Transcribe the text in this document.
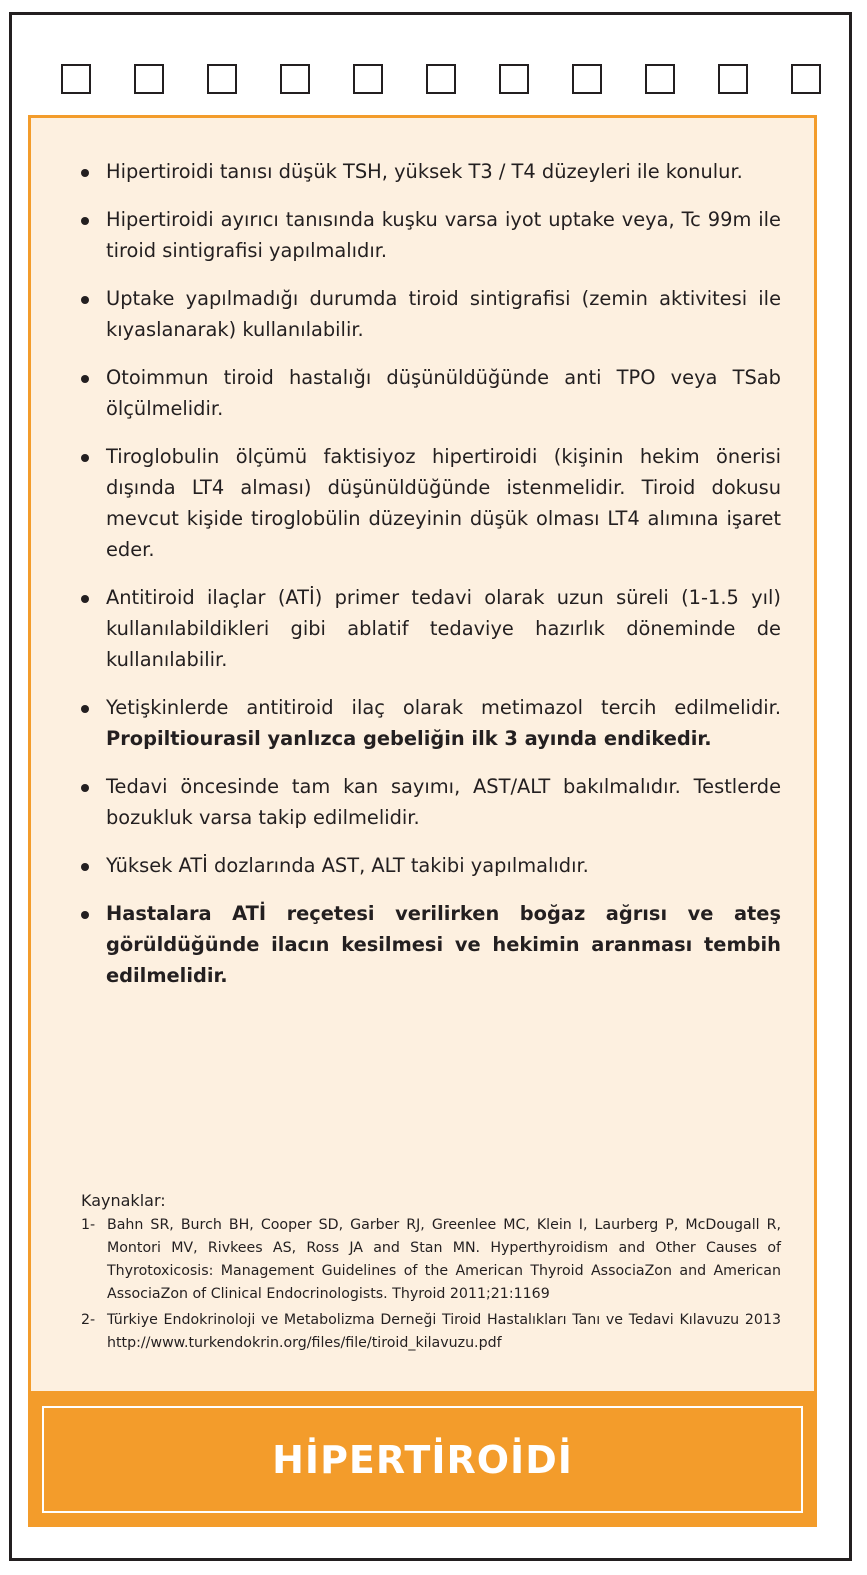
Hipertiroidi tanısı düşük TSH, yüksek T3 / T4 düzeyleri ile konulur.
Hipertiroidi ayırıcı tanısında kuşku varsa iyot uptake veya, Tc 99m ile tiroid sintigrafisi yapılmalıdır.
Uptake yapılmadığı durumda tiroid sintigrafisi (zemin aktivitesi ile kıyaslanarak) kullanılabilir.
Otoimmun tiroid hastalığı düşünüldüğünde anti TPO veya TSab ölçülmelidir.
Tiroglobulin ölçümü faktisiyoz hipertiroidi (kişinin hekim önerisi dışında LT4 alması) düşünüldüğünde istenmelidir. Tiroid dokusu mevcut kişide tiroglobülin düzeyinin düşük olması LT4 alımına işaret eder.
Antitiroid ilaçlar (ATİ) primer tedavi olarak uzun süreli (1-1.5 yıl) kullanılabildikleri gibi ablatif tedaviye hazırlık döneminde de kullanılabilir.
Yetişkinlerde antitiroid ilaç olarak metimazol tercih edilmelidir. Propiltiourasil yanlızca gebeliğin ilk 3 ayında endikedir.
Tedavi öncesinde tam kan sayımı, AST/ALT bakılmalıdır. Testlerde bozukluk varsa takip edilmelidir.
Yüksek ATİ dozlarında AST, ALT takibi yapılmalıdır.
Hastalara ATİ reçetesi verilirken boğaz ağrısı ve ateş görüldüğünde ilacın kesilmesi ve hekimin aranması tembih edilmelidir.
Kaynaklar:
1- Bahn SR, Burch BH, Cooper SD, Garber RJ, Greenlee MC, Klein I, Laurberg P, McDougall R, Montori MV, Rivkees AS, Ross JA and Stan MN. Hyperthyroidism and Other Causes of Thyrotoxicosis: Management Guidelines of the American Thyroid AssociaZon and American AssociaZon of Clinical Endocrinologists. Thyroid 2011;21:1169
2- Türkiye Endokrinoloji ve Metabolizma Derneği Tiroid Hastalıkları Tanı ve Tedavi Kılavuzu 2013 http://www.turkendokrin.org/files/file/tiroid_kilavuzu.pdf
HİPERTİROİDİ
